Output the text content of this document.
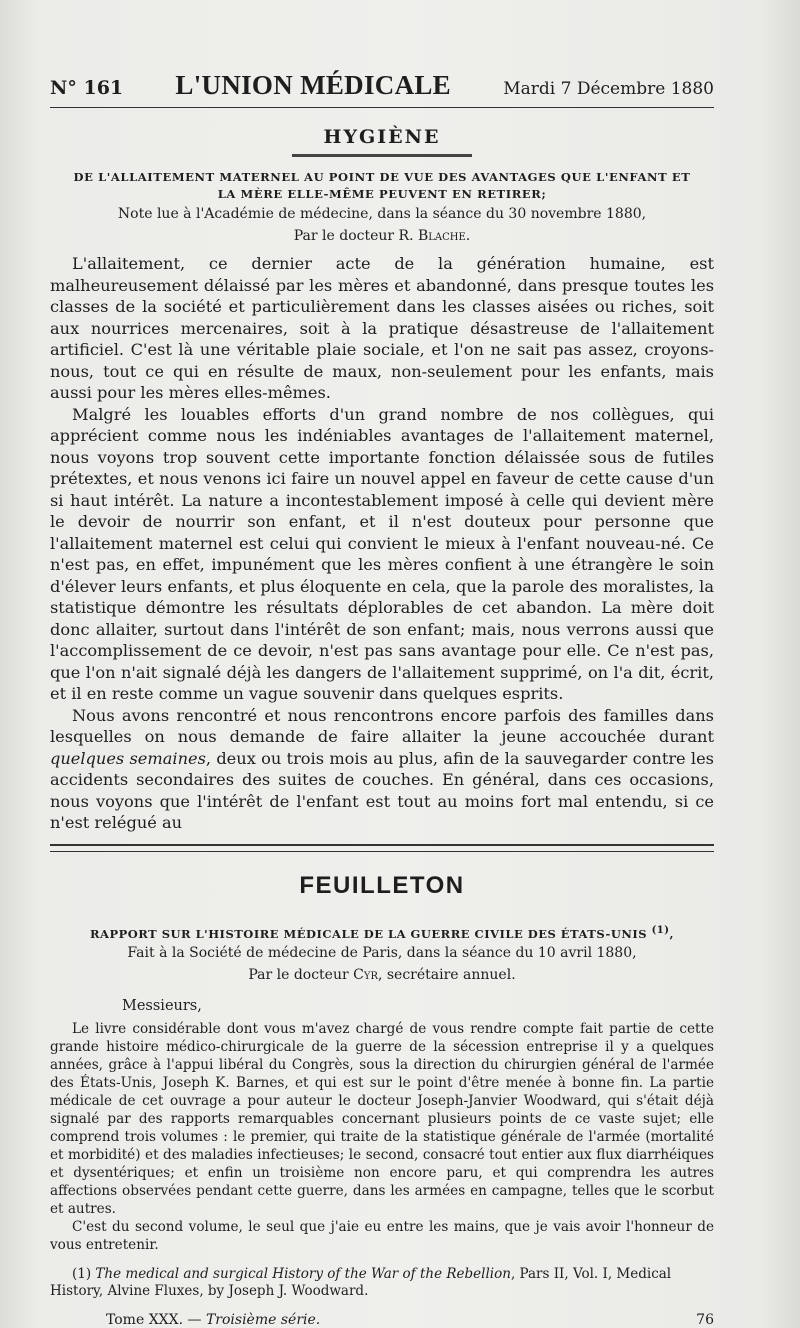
N° 161 L'UNION MÉDICALE	Mardi 7 Décembre 1880
HYGIÈNE
DE L'ALLAITEMENT MATERNEL AU POINT DE VUE DES AVANTAGES QUE L'ENFANT ET
LA MÈRE ELLE-MÊME PEUVENT EN RETIRER;
Note lue à l'Académie de médecine, dans la séance du 30 novembre 1880,
Par le docteur R. Blache.

L'allaitement, ce dernier acte de la génération humaine, est malheureusement délaissé par les mères et abandonné, dans presque toutes les classes de la société et particulièrement dans les classes aisées ou riches, soit aux nourrices mercenaires, soit à la pratique désastreuse de l'allaitement artificiel. C'est là une véritable plaie sociale, et l'on ne sait pas assez, croyons-nous, tout ce qui en résulte de maux, non-seulement pour les enfants, mais aussi pour les mères elles-mêmes.

Malgré les louables efforts d'un grand nombre de nos collègues, qui apprécient comme nous les indéniables avantages de l'allaitement maternel, nous voyons trop souvent cette importante fonction délaissée sous de futiles prétextes, et nous venons ici faire un nouvel appel en faveur de cette cause d'un si haut intérêt. La nature a incontestablement imposé à celle qui devient mère le devoir de nourrir son enfant, et il n'est douteux pour personne que l'allaitement maternel est celui qui convient le mieux à l'enfant nouveau-né. Ce n'est pas, en effet, impunément que les mères confient à une étrangère le soin d'élever leurs enfants, et plus éloquente en cela, que la parole des moralistes, la statistique démontre les résultats déplorables de cet abandon. La mère doit donc allaiter, surtout dans l'intérêt de son enfant; mais, nous verrons aussi que l'accomplissement de ce devoir, n'est pas sans avantage pour elle. Ce n'est pas, que l'on n'ait signalé déjà les dangers de l'allaitement supprimé, on l'a dit, écrit, et il en reste comme un vague souvenir dans quelques esprits.

Nous avons rencontré et nous rencontrons encore parfois des familles dans lesquelles on nous demande de faire allaiter la jeune accouchée durant quelques semaines, deux ou trois mois au plus, afin de la sauvegarder contre les accidents secondaires des suites de couches. En général, dans ces occasions, nous voyons que l'intérêt de l'enfant est tout au moins fort mal entendu, si ce n'est relégué au

FEUILLETON
RAPPORT SUR L'HISTOIRE MÉDICALE DE LA GUERRE CIVILE DES ÉTATS-UNIS $^{(1)}$,
Fait à la Société de médecine de Paris, dans la séance du 10 avril 1880,
Par le docteur Cyr, secrétaire annuel.
Messieurs,

Le livre considérable dont vous m'avez chargé de vous rendre compte fait partie de cette grande histoire médico-chirurgicale de la guerre de la sécession entreprise il y a quelques années, grâce à l'appui libéral du Congrès, sous la direction du chirurgien général de l'armée des États-Unis, Joseph K. Barnes, et qui est sur le point d'être menée à bonne fin. La partie médicale de cet ouvrage a pour auteur le docteur Joseph-Janvier Woodward, qui s'était déjà signalé par des rapports remarquables concernant plusieurs points de ce vaste sujet; elle comprend trois volumes : le premier, qui traite de la statistique générale de l'armée (mortalité et morbidité) et des maladies infectieuses; le second, consacré tout entier aux flux diarrhéiques et dysentériques; et enfin un troisième non encore paru, et qui comprendra les autres affections observées pendant cette guerre, dans les armées en campagne, telles que le scorbut et autres.

C'est du second volume, le seul que j'aie eu entre les mains, que je vais avoir l'honneur de vous entretenir.

(1) The medical and surgical History of the War of the Rebellion, Pars II, Vol. I, Medical History, Alvine Fluxes, by Joseph J. Woodward.

Tome XXX. — Troisième série.	76
